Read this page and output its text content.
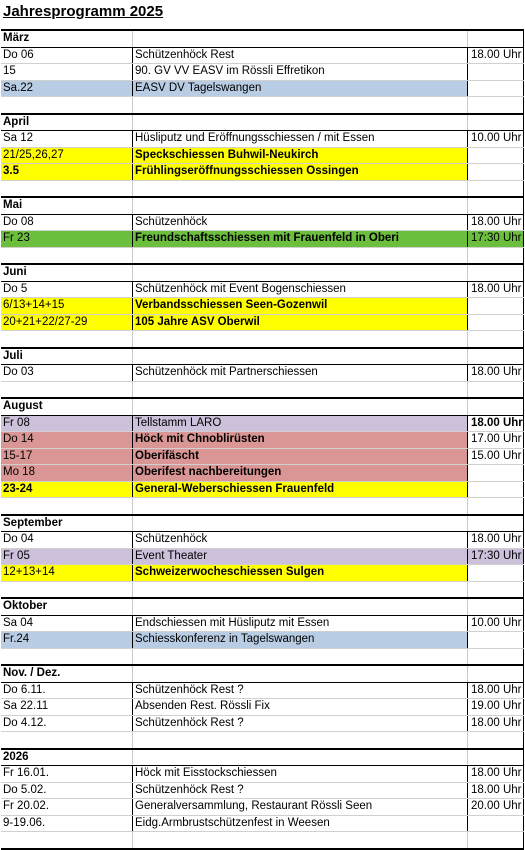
Jahresprogramm 2025
März
Do 06	Schützenhöck Rest	18.00 Uhr
15	90. GV VV EASV im Rössli Effretikon
Sa.22	EASV DV Tagelswangen
April
Sa 12	Hüsliputz und Eröffnungsschiessen / mit Essen	10.00 Uhr
21/25,26,27	Speckschiessen Buhwil-Neukirch
3.5	Frühlingseröffnungsschiessen Ossingen
Mai
Do 08	Schützenhöck	18.00 Uhr
Fr 23	Freundschaftsschiessen mit Frauenfeld in Oberi	17:30 Uhr
Juni
Do 5	Schützenhöck mit Event Bogenschiessen	18.00 Uhr
6/13+14+15	Verbandsschiessen Seen-Gozenwil
20+21+22/27-29	105 Jahre ASV Oberwil
Juli
Do 03	Schützenhöck mit Partnerschiessen	18.00 Uhr
August
Fr 08	Tellstamm LARO	18.00 Uhr
Do 14	Höck mit Chnoblirüsten	17.00 Uhr
15-17	Oberifäscht	15.00 Uhr
Mo 18	Oberifest nachbereitungen
23-24	General-Weberschiessen Frauenfeld
September
Do 04	Schützenhöck	18.00 Uhr
Fr 05	Event Theater	17:30 Uhr
12+13+14	Schweizerwocheschiessen Sulgen
Oktober
Sa 04	Endschiessen mit Hüsliputz mit Essen	10.00 Uhr
Fr.24	Schiesskonferenz in Tagelswangen
Nov. / Dez.
Do 6.11.	Schützenhöck Rest ?	18.00 Uhr
Sa 22.11	Absenden Rest. Rössli Fix	19.00 Uhr
Do 4.12.	Schützenhöck Rest ?	18.00 Uhr
2026
Fr 16.01.	Höck mit Eisstockschiessen	18.00 Uhr
Do 5.02.	Schützenhöck Rest ?	18.00 Uhr
Fr 20.02.	Generalversammlung, Restaurant Rössli Seen	20.00 Uhr
9-19.06.	Eidg.Armbrustschützenfest in Weesen
